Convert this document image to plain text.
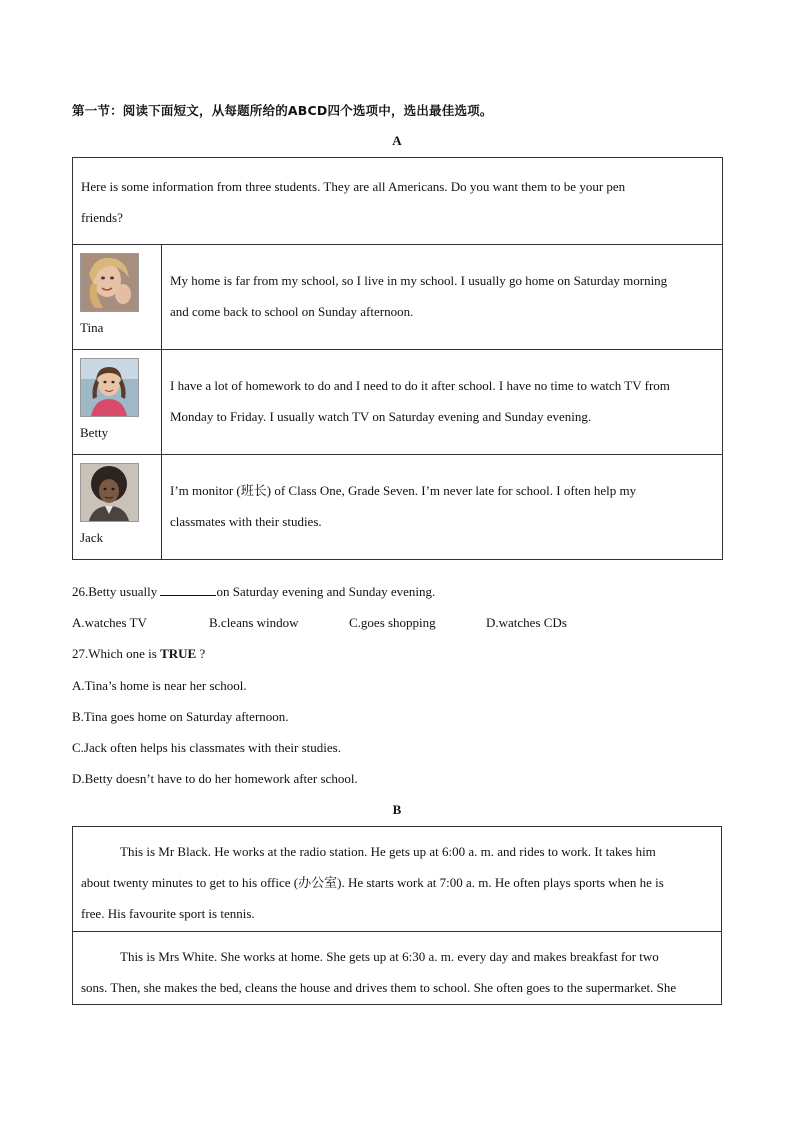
第一节：阅读下面短文，从每题所给的ABCD四个选项中，选出最佳选项。
A
Here is some information from three students. They are all Americans. Do you want them to be your pen
friends?	

Tina	My home is far from my school, so I live in my school. I usually go home on Saturday morning
and come back to school on Sunday afternoon.

Betty	I have a lot of homework to do and I need to do it after school. I have no time to watch TV from
Monday to Friday. I usually watch TV on Saturday evening and Sunday evening.

Jack	I’m monitor (班长) of Class One, Grade Seven. I’m never late for school. I often help my
classmates with their studies.
26.Betty usually	on Saturday evening and Sunday evening.
A.watches TV	B.cleans window	C.goes shopping	D.watches CDs
27.Which one is TRUE ?
A.Tina’s home is near her school.
B.Tina goes home on Saturday afternoon.
C.Jack often helps his classmates with their studies.
D.Betty doesn’t have to do her homework after school.
B
This is Mr Black. He works at the radio station. He gets up at 6:00 a. m. and rides to work. It takes him
about twenty minutes to get to his office (办公室). He starts work at 7:00 a. m. He often plays sports when he is
free. His favourite sport is tennis.

This is Mrs White. She works at home. She gets up at 6:30 a. m. every day and makes breakfast for two
sons. Then, she makes the bed, cleans the house and drives them to school. She often goes to the supermarket. She
